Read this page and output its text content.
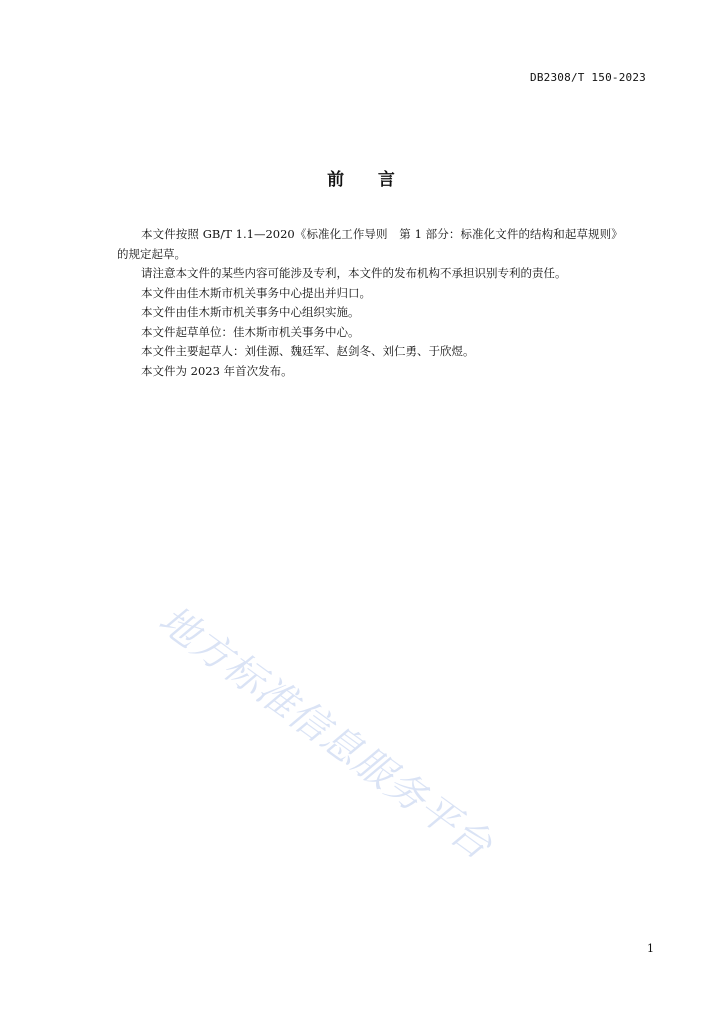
DB2308/T 150-2023
前    言

本文件按照 GB/T 1.1—2020《标准化工作导则　第 1 部分：标准化文件的结构和起草规则》的规定起草。

请注意本文件的某些内容可能涉及专利，本文件的发布机构不承担识别专利的责任。

本文件由佳木斯市机关事务中心提出并归口。

本文件由佳木斯市机关事务中心组织实施。

本文件起草单位：佳木斯市机关事务中心。

本文件主要起草人：刘佳源、魏廷军、赵剑冬、刘仁勇、于欣煜。

本文件为 2023 年首次发布。

地方标准信息服务平台
1
